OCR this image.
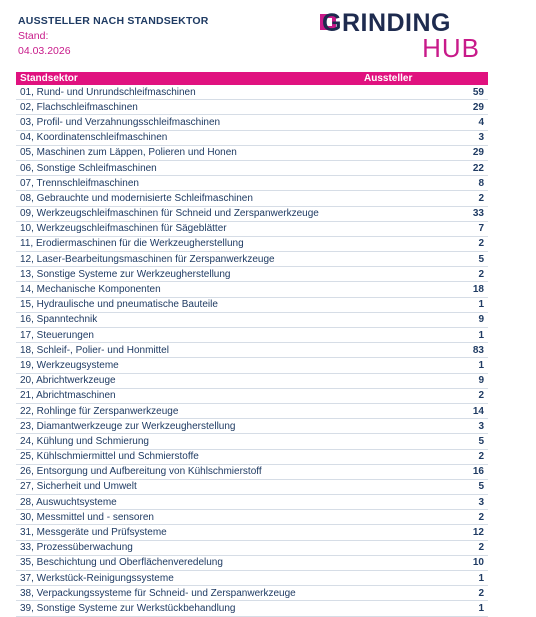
AUSSTELLER NACH STANDSEKTOR
Stand:
04.03.2026
GRINDING
HUB
Standsektor	Aussteller
01, Rund- und Unrundschleifmaschinen	59
02, Flachschleifmaschinen	29
03, Profil- und Verzahnungsschleifmaschinen	4
04, Koordinatenschleifmaschinen	3
05, Maschinen zum Läppen, Polieren und Honen	29
06, Sonstige Schleifmaschinen	22
07, Trennschleifmaschinen	8
08, Gebrauchte und modernisierte Schleifmaschinen	2
09, Werkzeugschleifmaschinen für Schneid und Zerspanwerkzeuge	33
10, Werkzeugschleifmaschinen für Sägeblätter	7
11, Erodiermaschinen für die Werkzeugherstellung	2
12, Laser-Bearbeitungsmaschinen für Zerspanwerkzeuge	5
13, Sonstige Systeme zur Werkzeugherstellung	2
14, Mechanische Komponenten	18
15, Hydraulische und pneumatische Bauteile	1
16, Spanntechnik	9
17, Steuerungen	1
18, Schleif-, Polier- und Honmittel	83
19, Werkzeugsysteme	1
20, Abrichtwerkzeuge	9
21, Abrichtmaschinen	2
22, Rohlinge für Zerspanwerkzeuge	14
23, Diamantwerkzeuge zur Werkzeugherstellung	3
24, Kühlung und Schmierung	5
25, Kühlschmiermittel und Schmierstoffe	2
26, Entsorgung und Aufbereitung von Kühlschmierstoff	16
27, Sicherheit und Umwelt	5
28, Auswuchtsysteme	3
30, Messmittel und - sensoren	2
31, Messgeräte und Prüfsysteme	12
33, Prozessüberwachung	2
35, Beschichtung und Oberflächenveredelung	10
37, Werkstück-Reinigungssysteme	1
38, Verpackungssysteme für Schneid- und Zerspanwerkzeuge	2
39, Sonstige Systeme zur Werkstückbehandlung	1
